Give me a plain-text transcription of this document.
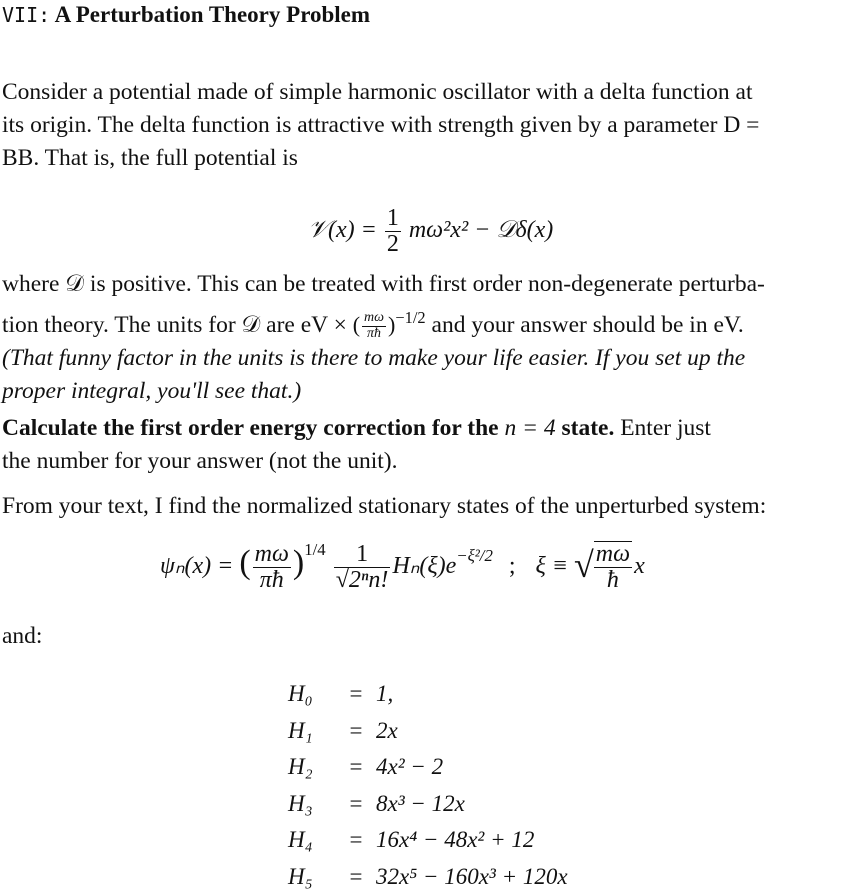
VII: A Perturbation Theory Problem
Consider a potential made of simple harmonic oscillator with a delta function at
its origin. The delta function is attractive with strength given by a parameter D =
BB. That is, the full potential is
𝒱(x) = $\frac{1}{2} m\omega^2x^2$ − 𝒟δ(x)
where 𝒟 is positive. This can be treated with first order non-degenerate perturba-
tion theory. The units for 𝒟 are eV × ( $\frac{m\omega}{\pi ħ} )^{-1/2}$ and your answer should be in eV.
(That funny factor in the units is there to make your life easier. If you set up the
proper integral, you'll see that.)
Calculate the first order energy correction for the n = 4 state. Enter just
the number for your answer (not the unit).
From your text, I find the normalized stationary states of the unperturbed system:
ψₙ(x) = ( $\frac{m\omega}{\pi ħ} )^{1/4} \frac{1}{\text{√2ⁿn!}} H_n(\xi)e^{-\xi^2/2}$ ; ξ ≡ √ $\frac{m\omega}{ħ}$ x
and:
H₀	= 1,
H₁	= 2x
H₂	= 4x² − 2
H₃	= 8x³ − 12x
H₄	= 16x⁴ − 48x² + 12
H₅	= 32x⁵ − 160x³ + 120x
